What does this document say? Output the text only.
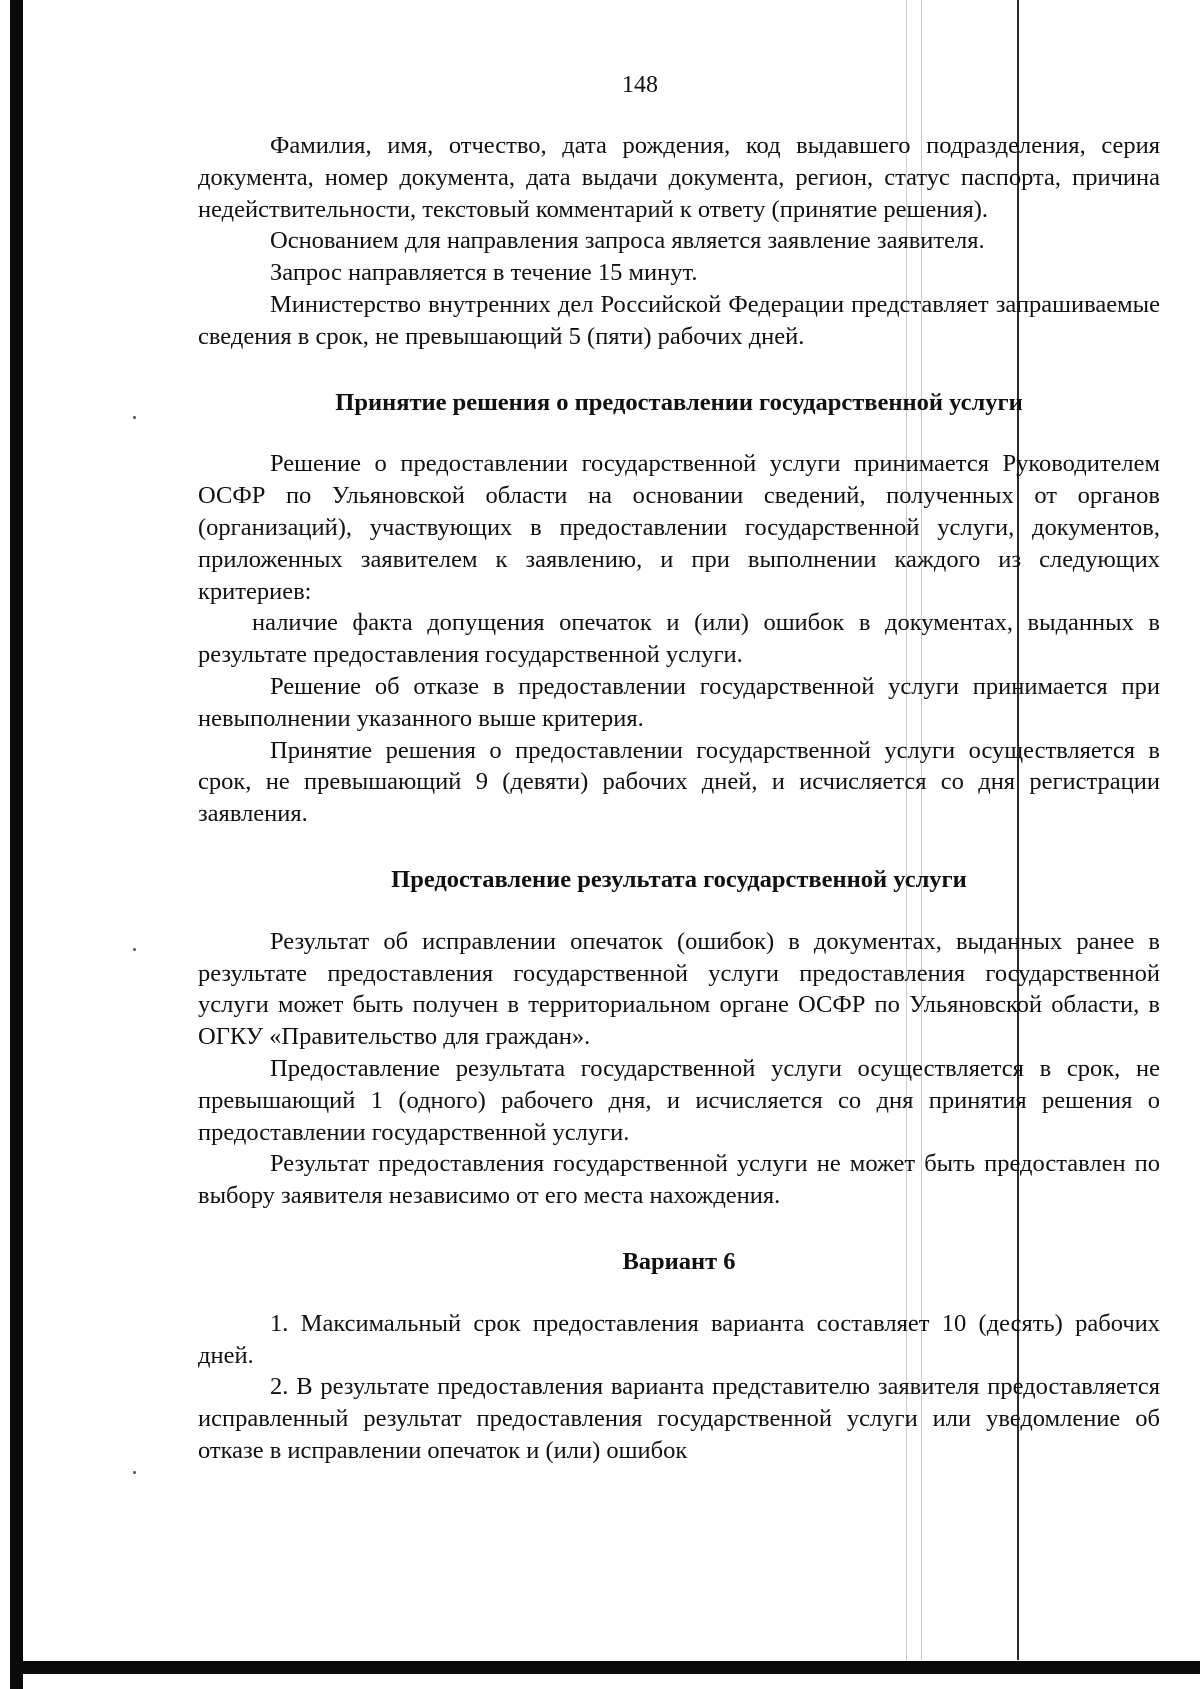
148

Фамилия, имя, отчество, дата рождения, код выдавшего подразделения, серия документа, номер документа, дата выдачи документа, регион, статус паспорта, причина недействительности, текстовый комментарий к ответу (принятие решения).

Основанием для направления запроса является заявление заявителя.

Запрос направляется в течение 15 минут.

Министерство внутренних дел Российской Федерации представляет запрашиваемые сведения в срок, не превышающий 5 (пяти) рабочих дней.

Принятие решения о предоставлении государственной услуги

Решение о предоставлении государственной услуги принимается Руководителем ОСФР по Ульяновской области на основании сведений, полученных от органов (организаций), участвующих в предоставлении государственной услуги, документов, приложенных заявителем к заявлению, и при выполнении каждого из следующих критериев:

наличие факта допущения опечаток и (или) ошибок в документах, выданных в результате предоставления государственной услуги.

Решение об отказе в предоставлении государственной услуги принимается при невыполнении указанного выше критерия.

Принятие решения о предоставлении государственной услуги осуществляется в срок, не превышающий 9 (девяти) рабочих дней, и исчисляется со дня регистрации заявления.

Предоставление результата государственной услуги

Результат об исправлении опечаток (ошибок) в документах, выданных ранее в результате предоставления государственной услуги предоставления государственной услуги может быть получен в территориальном органе ОСФР по Ульяновской области, в ОГКУ «Правительство для граждан».

Предоставление результата государственной услуги осуществляется в срок, не превышающий 1 (одного) рабочего дня, и исчисляется со дня принятия решения о предоставлении государственной услуги.

Результат предоставления государственной услуги не может быть предоставлен по выбору заявителя независимо от его места нахождения.

Вариант 6

1. Максимальный срок предоставления варианта составляет 10 (десять) рабочих дней.

2. В результате предоставления варианта представителю заявителя предоставляется исправленный результат предоставления государственной услуги или уведомление об отказе в исправлении опечаток и (или) ошибок
